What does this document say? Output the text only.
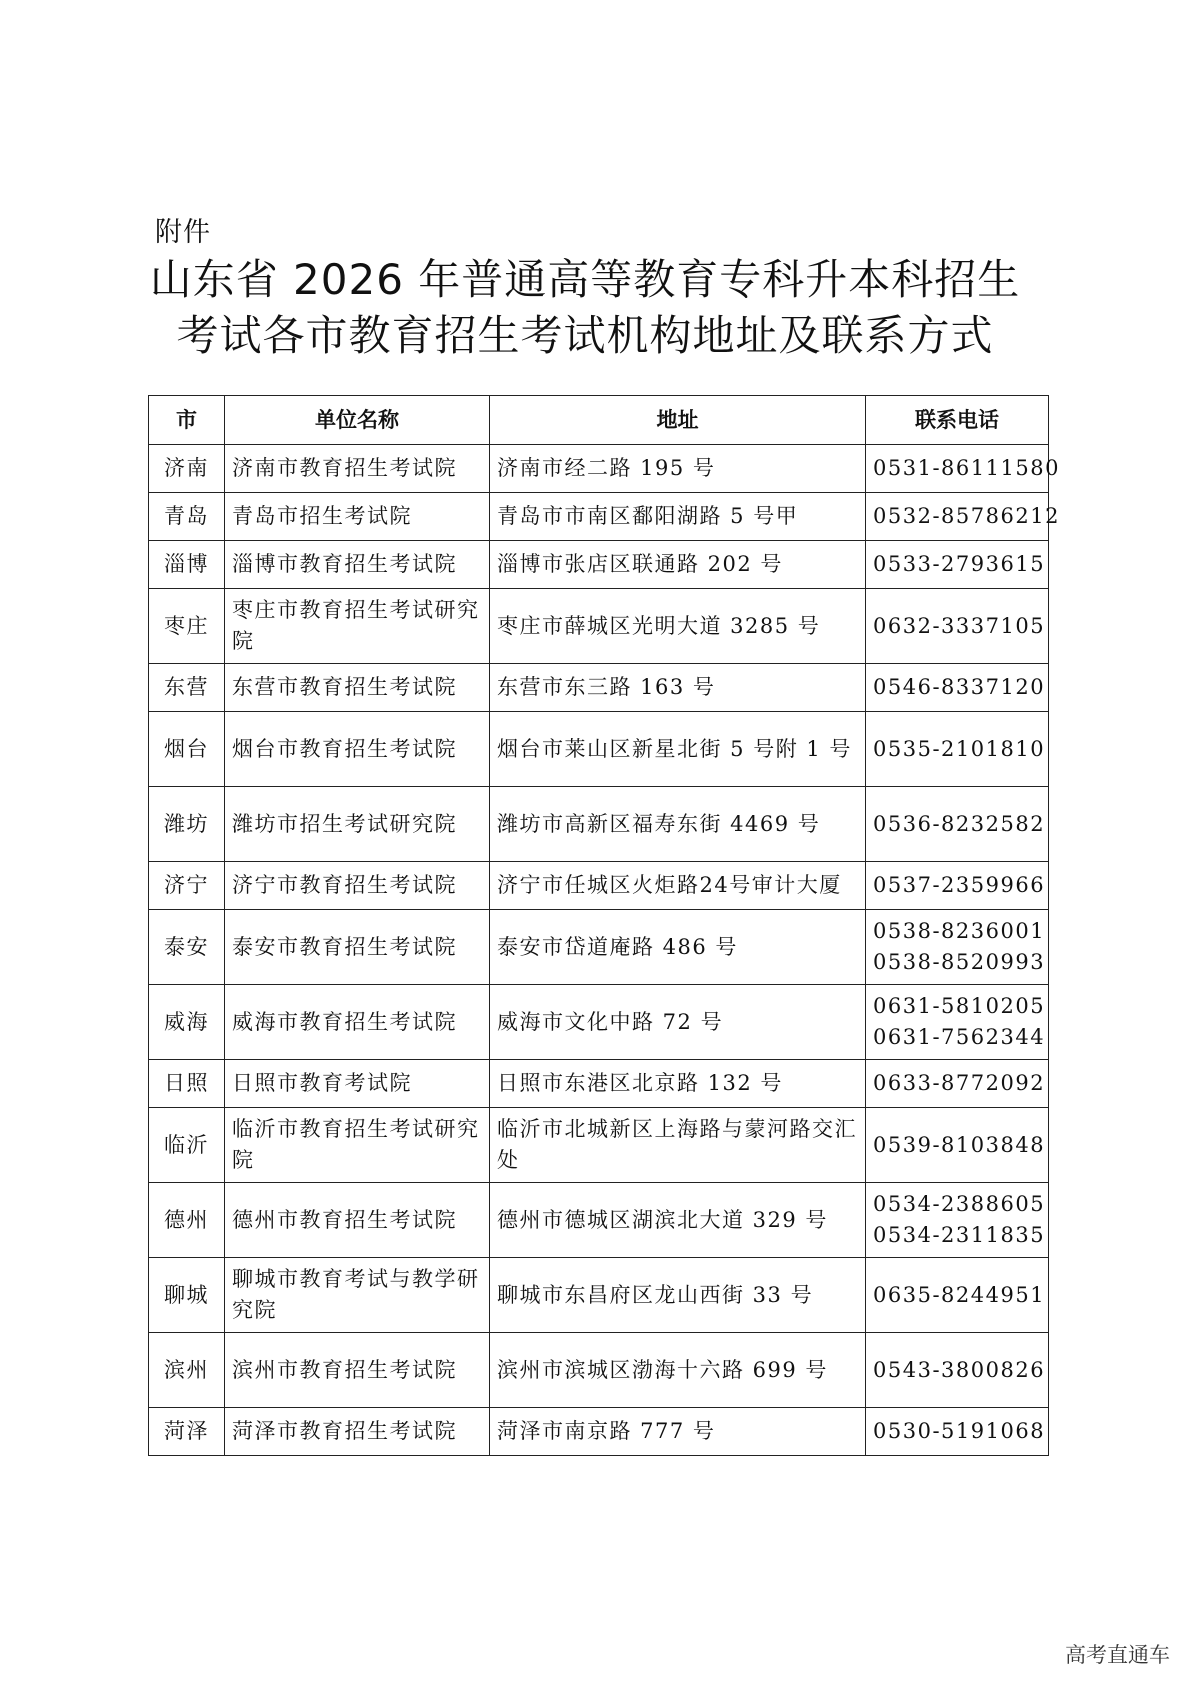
附件
山东省 2026 年普通高等教育专科升本科招生
考试各市教育招生考试机构地址及联系方式
市	单位名称	地址	联系电话
济南	济南市教育招生考试院	济南市经二路 195 号	0531-86111580

青岛	青岛市招生考试院	青岛市市南区鄱阳湖路 5 号甲	0532-85786212

淄博	淄博市教育招生考试院	淄博市张店区联通路 202 号	0533-2793615

枣庄	枣庄市教育招生考试研究院	枣庄市薛城区光明大道 3285 号	0632-3337105

东营	东营市教育招生考试院	东营市东三路 163 号	0546-8337120

烟台	烟台市教育招生考试院	烟台市莱山区新星北街 5 号附 1 号	0535-2101810

潍坊	潍坊市招生考试研究院	潍坊市高新区福寿东街 4469 号	0536-8232582

济宁	济宁市教育招生考试院	济宁市任城区火炬路24号审计大厦	0537-2359966

泰安	泰安市教育招生考试院	泰安市岱道庵路 486 号	0538-8236001
0538-8520993

威海	威海市教育招生考试院	威海市文化中路 72 号	0631-5810205
0631-7562344

日照	日照市教育考试院	日照市东港区北京路 132 号	0633-8772092

临沂	临沂市教育招生考试研究院	临沂市北城新区上海路与蒙河路交汇处	0539-8103848

德州	德州市教育招生考试院	德州市德城区湖滨北大道 329 号	0534-2388605
0534-2311835

聊城	聊城市教育考试与教学研究院	聊城市东昌府区龙山西街 33 号	0635-8244951

滨州	滨州市教育招生考试院	滨州市滨城区渤海十六路 699 号	0543-3800826

菏泽	菏泽市教育招生考试院	菏泽市南京路 777 号	0530-5191068
高考直通车
